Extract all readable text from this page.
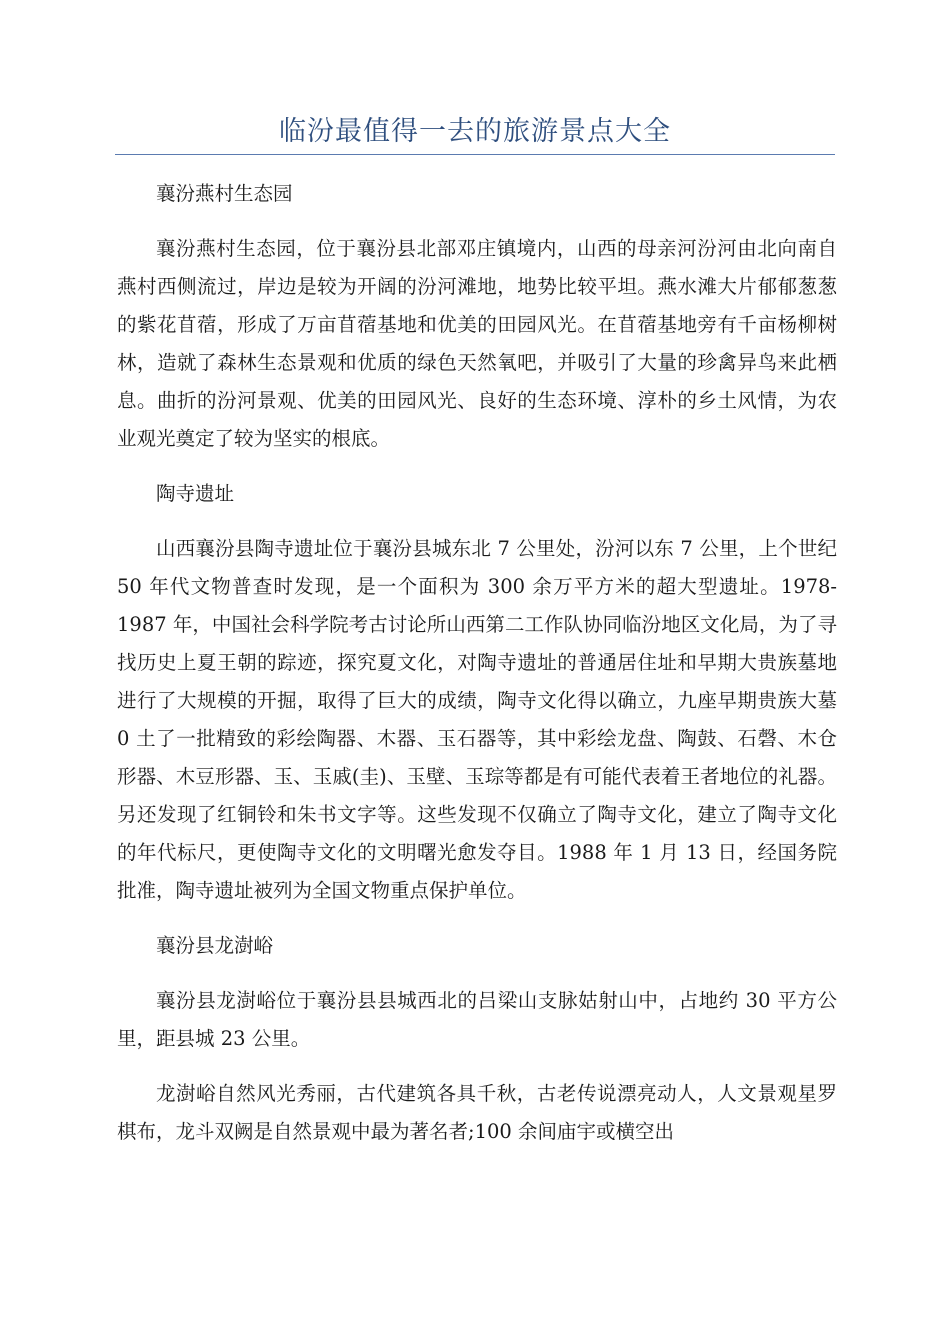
临汾最值得一去的旅游景点大全

襄汾燕村生态园

襄汾燕村生态园，位于襄汾县北部邓庄镇境内，山西的母亲河汾河由北向南自燕村西侧流过，岸边是较为开阔的汾河滩地，地势比较平坦。燕水滩大片郁郁葱葱的紫花苜蓿，形成了万亩苜蓿基地和优美的田园风光。在苜蓿基地旁有千亩杨柳树林，造就了森林生态景观和优质的绿色天然氧吧，并吸引了大量的珍禽异鸟来此栖息。曲折的汾河景观、优美的田园风光、良好的生态环境、淳朴的乡土风情，为农业观光奠定了较为坚实的根底。

陶寺遗址

山西襄汾县陶寺遗址位于襄汾县城东北 7 公里处，汾河以东 7 公里，上个世纪 50 年代文物普查时发现，是一个面积为 300 余万平方米的超大型遗址。1978-1987 年，中国社会科学院考古讨论所山西第二工作队协同临汾地区文化局，为了寻找历史上夏王朝的踪迹，探究夏文化，对陶寺遗址的普通居住址和早期大贵族墓地进行了大规模的开掘，取得了巨大的成绩，陶寺文化得以确立，九座早期贵族大墓 0 土了一批精致的彩绘陶器、木器、玉石器等，其中彩绘龙盘、陶鼓、石磬、木仓形器、木豆形器、玉、玉戚(圭)、玉壁、玉琮等都是有可能代表着王者地位的礼器。另还发现了红铜铃和朱书文字等。这些发现不仅确立了陶寺文化，建立了陶寺文化的年代标尺，更使陶寺文化的文明曙光愈发夺目。1988 年 1 月 13 日，经国务院批准，陶寺遗址被列为全国文物重点保护单位。

襄汾县龙澍峪

襄汾县龙澍峪位于襄汾县县城西北的吕梁山支脉姑射山中，占地约 30 平方公里，距县城 23 公里。

龙澍峪自然风光秀丽，古代建筑各具千秋，古老传说漂亮动人，人文景观星罗棋布，龙斗双阙是自然景观中最为著名者;100 余间庙宇或横空出
